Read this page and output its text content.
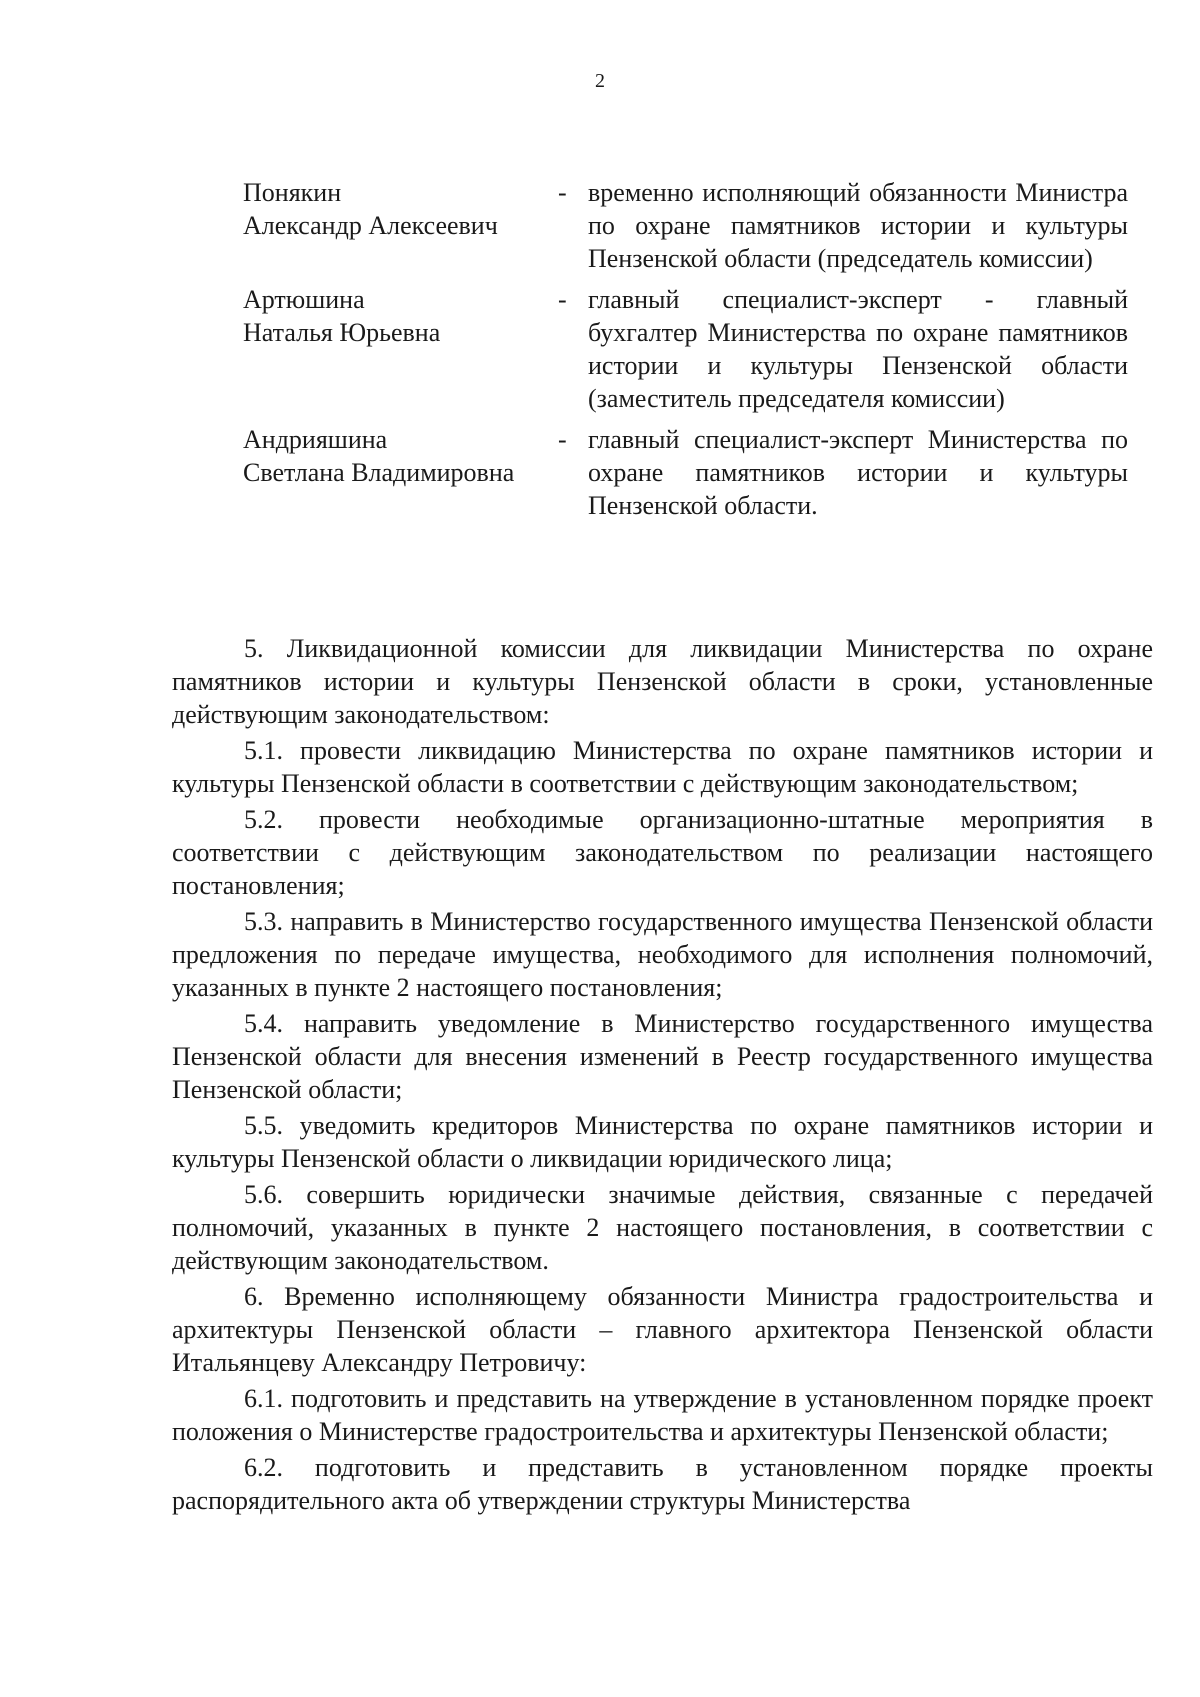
2
Понякин
Александр Алексеевич
- временно исполняющий обязанности Министра по охране памятников истории и культуры Пензенской области (председатель комиссии)
Артюшина
Наталья Юрьевна
- главный специалист-эксперт - главный бухгалтер Министерства по охране памятников истории и культуры Пензенской области (заместитель председателя комиссии)
Андрияшина
Светлана Владимировна
- главный специалист-эксперт Министерства по охране памятников истории и культуры Пензенской области.

5. Ликвидационной комиссии для ликвидации Министерства по охране памятников истории и культуры Пензенской области в сроки, установленные действующим законодательством:

5.1. провести ликвидацию Министерства по охране памятников истории и культуры Пензенской области в соответствии с действующим законодательством;

5.2. провести необходимые организационно-штатные мероприятия в соответствии с действующим законодательством по реализации настоящего постановления;

5.3. направить в Министерство государственного имущества Пензенской области предложения по передаче имущества, необходимого для исполнения полномочий, указанных в пункте 2 настоящего постановления;

5.4. направить уведомление в Министерство государственного имущества Пензенской области для внесения изменений в Реестр государственного имущества Пензенской области;

5.5. уведомить кредиторов Министерства по охране памятников истории и культуры Пензенской области о ликвидации юридического лица;

5.6. совершить юридически значимые действия, связанные с передачей полномочий, указанных в пункте 2 настоящего постановления, в соответствии с действующим законодательством.

6. Временно исполняющему обязанности Министра градостроительства и архитектуры Пензенской области – главного архитектора Пензенской области Итальянцеву Александру Петровичу:

6.1. подготовить и представить на утверждение в установленном порядке проект положения о Министерстве градостроительства и архитектуры Пензенской области;

6.2. подготовить и представить в установленном порядке проекты распорядительного акта об утверждении структуры Министерства
